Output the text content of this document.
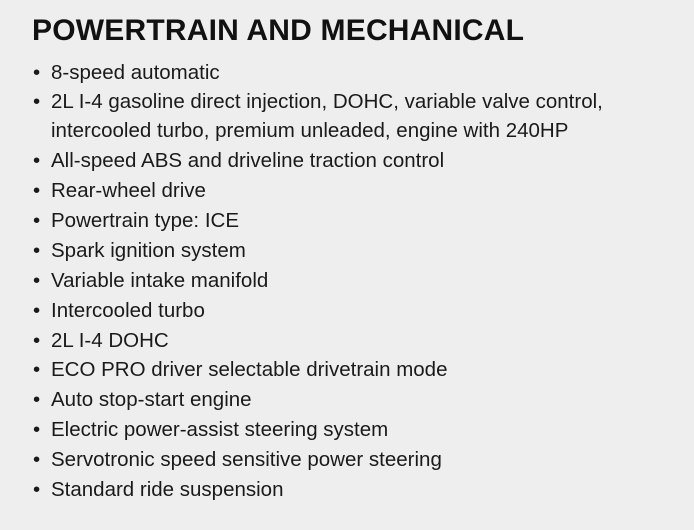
POWERTRAIN AND MECHANICAL
• 8-speed automatic
• 2L I-4 gasoline direct injection, DOHC, variable valve control, intercooled turbo, premium unleaded, engine with 240HP
• All-speed ABS and driveline traction control
• Rear-wheel drive
• Powertrain type: ICE
• Spark ignition system
• Variable intake manifold
• Intercooled turbo
• 2L I-4 DOHC
• ECO PRO driver selectable drivetrain mode
• Auto stop-start engine
• Electric power-assist steering system
• Servotronic speed sensitive power steering
• Standard ride suspension
